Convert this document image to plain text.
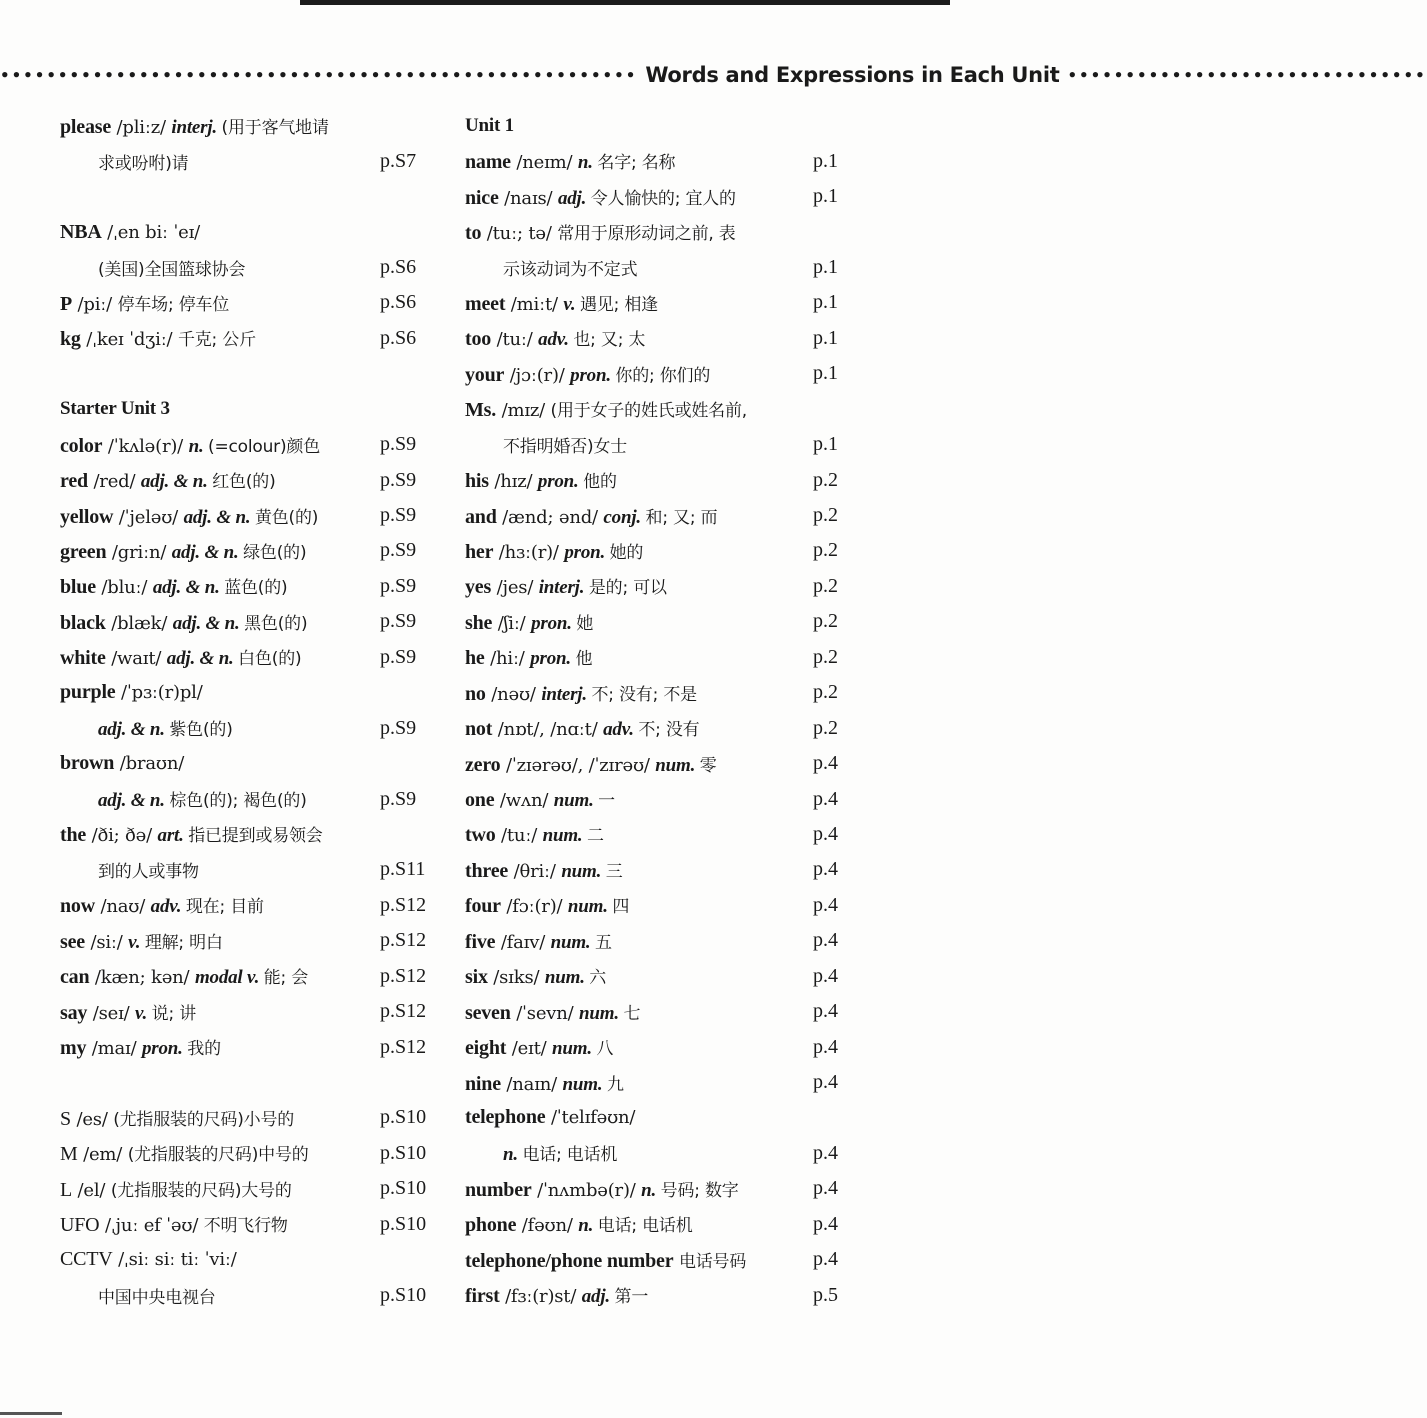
••••••••••••••••••••••••••••••••••••••••••••••••••••••• Words and Expressions in Each Unit •••••••••••••••••••••••••••••••
please /pliːz/ interj. (用于客气地请
求或吩咐)请	p.S7
NBA /ˌen biː ˈeɪ/
(美国)全国篮球协会	p.S6
P /piː/ 停车场; 停车位	p.S6
kg /ˌkeɪ ˈdʒiː/ 千克; 公斤	p.S6
Starter Unit 3
color /ˈkʌlə(r)/ n. (=colour)颜色	p.S9
red /red/ adj. & n. 红色(的)	p.S9
yellow /ˈjeləʊ/ adj. & n. 黄色(的)	p.S9
green /griːn/ adj. & n. 绿色(的)	p.S9
blue /bluː/ adj. & n. 蓝色(的)	p.S9
black /blæk/ adj. & n. 黑色(的)	p.S9
white /waɪt/ adj. & n. 白色(的)	p.S9
purple /ˈpɜː(r)pl/
adj. & n. 紫色(的)	p.S9
brown /braʊn/
adj. & n. 棕色(的); 褐色(的)	p.S9
the /ði; ðə/ art. 指已提到或易领会
到的人或事物	p.S11
now /naʊ/ adv. 现在; 目前	p.S12
see /siː/ v. 理解; 明白	p.S12
can /kæn; kən/ modal v. 能; 会	p.S12
say /seɪ/ v. 说; 讲	p.S12
my /maɪ/ pron. 我的	p.S12
S /es/ (尤指服装的尺码)小号的	p.S10
M /em/ (尤指服装的尺码)中号的	p.S10
L /el/ (尤指服装的尺码)大号的	p.S10
UFO /ˌjuː ef ˈəʊ/ 不明飞行物	p.S10
CCTV /ˌsiː siː tiː ˈviː/
中国中央电视台	p.S10
Unit 1
name /neɪm/ n. 名字; 名称	p.1
nice /naɪs/ adj. 令人愉快的; 宜人的	p.1
to /tuː; tə/ 常用于原形动词之前, 表
示该动词为不定式	p.1
meet /miːt/ v. 遇见; 相逢	p.1
too /tuː/ adv. 也; 又; 太	p.1
your /jɔː(r)/ pron. 你的; 你们的	p.1
Ms. /mɪz/ (用于女子的姓氏或姓名前,
不指明婚否)女士	p.1
his /hɪz/ pron. 他的	p.2
and /ænd; ənd/ conj. 和; 又; 而	p.2
her /hɜː(r)/ pron. 她的	p.2
yes /jes/ interj. 是的; 可以	p.2
she /ʃiː/ pron. 她	p.2
he /hiː/ pron. 他	p.2
no /nəʊ/ interj. 不; 没有; 不是	p.2
not /nɒt/, /nɑːt/ adv. 不; 没有	p.2
zero /ˈzɪərəʊ/, /ˈzɪrəʊ/ num. 零	p.4
one /wʌn/ num. 一	p.4
two /tuː/ num. 二	p.4
three /θriː/ num. 三	p.4
four /fɔː(r)/ num. 四	p.4
five /faɪv/ num. 五	p.4
six /sɪks/ num. 六	p.4
seven /ˈsevn/ num. 七	p.4
eight /eɪt/ num. 八	p.4
nine /naɪn/ num. 九	p.4
telephone /ˈtelɪfəʊn/
n. 电话; 电话机	p.4
number /ˈnʌmbə(r)/ n. 号码; 数字	p.4
phone /fəʊn/ n. 电话; 电话机	p.4
telephone/phone number 电话号码	p.4
first /fɜː(r)st/ adj. 第一	p.5
